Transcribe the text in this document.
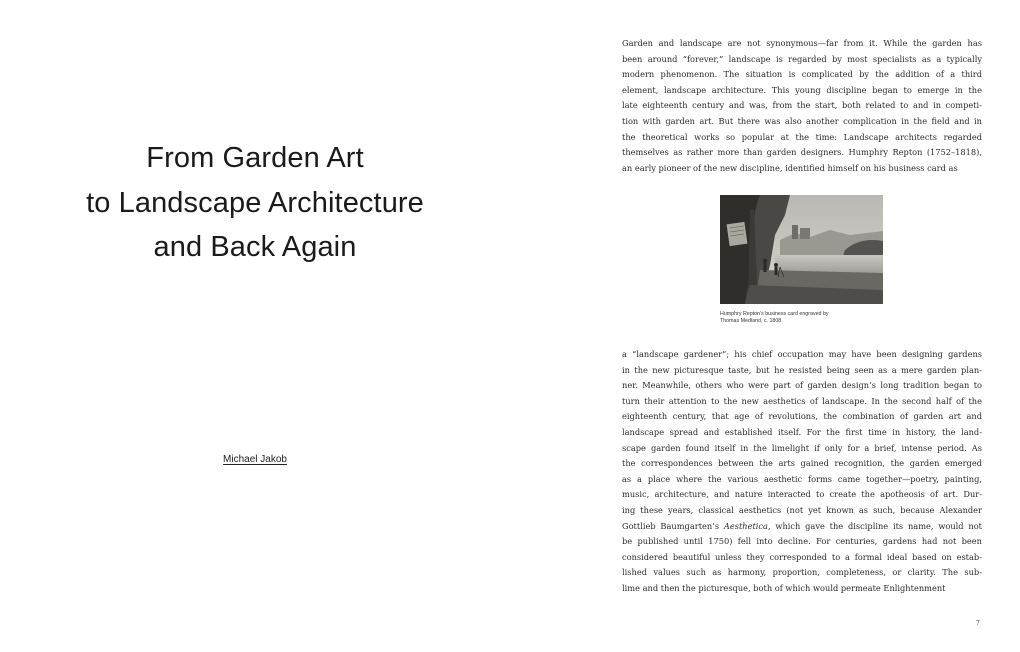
From Garden Art
to Landscape Architecture
and Back Again
Michael Jakob
Garden and landscape are not synonymous—far from it. While the garden has
been around “forever,” landscape is regarded by most specialists as a typically
modern phenomenon. The situation is complicated by the addition of a third
element, landscape architecture. This young discipline began to emerge in the
late eighteenth century and was, from the start, both related to and in competi-
tion with garden art. But there was also another complication in the field and in
the theoretical works so popular at the time: Landscape architects regarded
themselves as rather more than garden designers. Humphry Repton (1752–1818),
an early pioneer of the new discipline, identified himself on his business card as
Humphry Repton’s business card engraved by
Thomas Medland, c. 1808.
a “landscape gardener”; his chief occupation may have been designing gardens
in the new picturesque taste, but he resisted being seen as a mere garden plan-
ner. Meanwhile, others who were part of garden design’s long tradition began to
turn their attention to the new aesthetics of landscape. In the second half of the
eighteenth century, that age of revolutions, the combination of garden art and
landscape spread and established itself. For the first time in history, the land-
scape garden found itself in the limelight if only for a brief, intense period. As
the correspondences between the arts gained recognition, the garden emerged
as a place where the various aesthetic forms came together—poetry, painting,
music, architecture, and nature interacted to create the apotheosis of art. Dur-
ing these years, classical aesthetics (not yet known as such, because Alexander
Gottlieb Baumgarten’s Aesthetica, which gave the discipline its name, would not
be published until 1750) fell into decline. For centuries, gardens had not been
considered beautiful unless they corresponded to a formal ideal based on estab-
lished values such as harmony, proportion, completeness, or clarity. The sub-
lime and then the picturesque, both of which would permeate Enlightenment
7
